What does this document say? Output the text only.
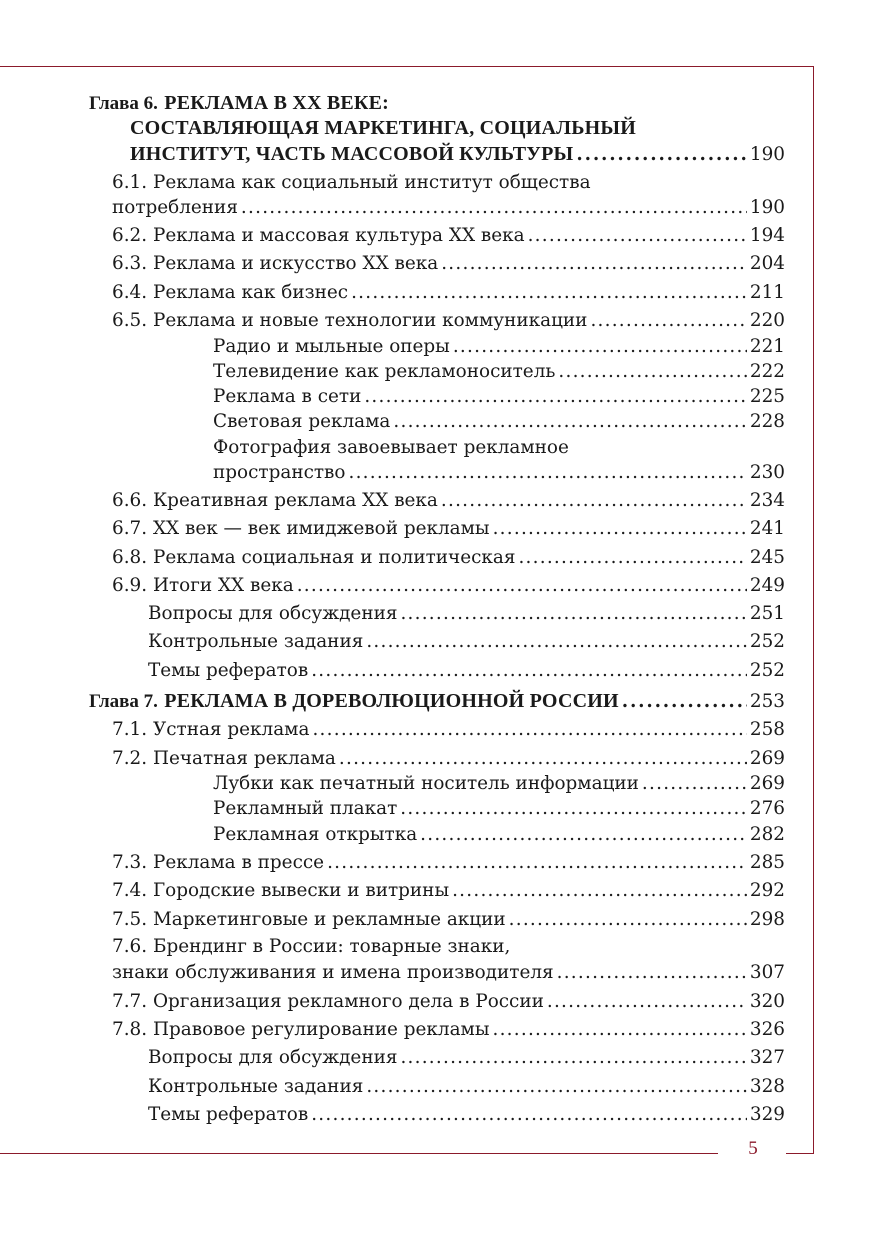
Глава 6. РЕКЛАМА В XX ВЕКЕ:
СОСТАВЛЯЮЩАЯ МАРКЕТИНГА, СОЦИАЛЬНЫЙ
ИНСТИТУТ, ЧАСТЬ МАССОВОЙ КУЛЬТУРЫ . . .	190
6.1. Реклама как социальный институт общества
потребления . . .	190
6.2. Реклама и массовая культура XX века . . .	194
6.3. Реклама и искусство XX века . . .	204
6.4. Реклама как бизнес . . .	211
6.5. Реклама и новые технологии коммуникации . . .	220
Радио и мыльные оперы . . .	221
Телевидение как рекламоноситель . . .	222
Реклама в сети . . .	225
Световая реклама . . .	228
Фотография завоевывает рекламное
пространство . . .	230
6.6. Креативная реклама XX века . . .	234
6.7. XX век — век имиджевой рекламы . . .	241
6.8. Реклама социальная и политическая . . .	245
6.9. Итоги XX века . . .	249
Вопросы для обсуждения . . .	251
Контрольные задания . . .	252
Темы рефератов . . .	252
Глава 7. РЕКЛАМА В ДОРЕВОЛЮЦИОННОЙ РОССИИ . . .	253
7.1. Устная реклама . . .	258
7.2. Печатная реклама . . .	269
Лубки как печатный носитель информации . . .	269
Рекламный плакат . . .	276
Рекламная открытка . . .	282
7.3. Реклама в прессе . . .	285
7.4. Городские вывески и витрины . . .	292
7.5. Маркетинговые и рекламные акции . . .	298
7.6. Брендинг в России: товарные знаки,
знаки обслуживания и имена производителя . . .	307
7.7. Организация рекламного дела в России . . .	320
7.8. Правовое регулирование рекламы . . .	326
Вопросы для обсуждения . . .	327
Контрольные задания . . .	328
Темы рефератов . . .	329
5
